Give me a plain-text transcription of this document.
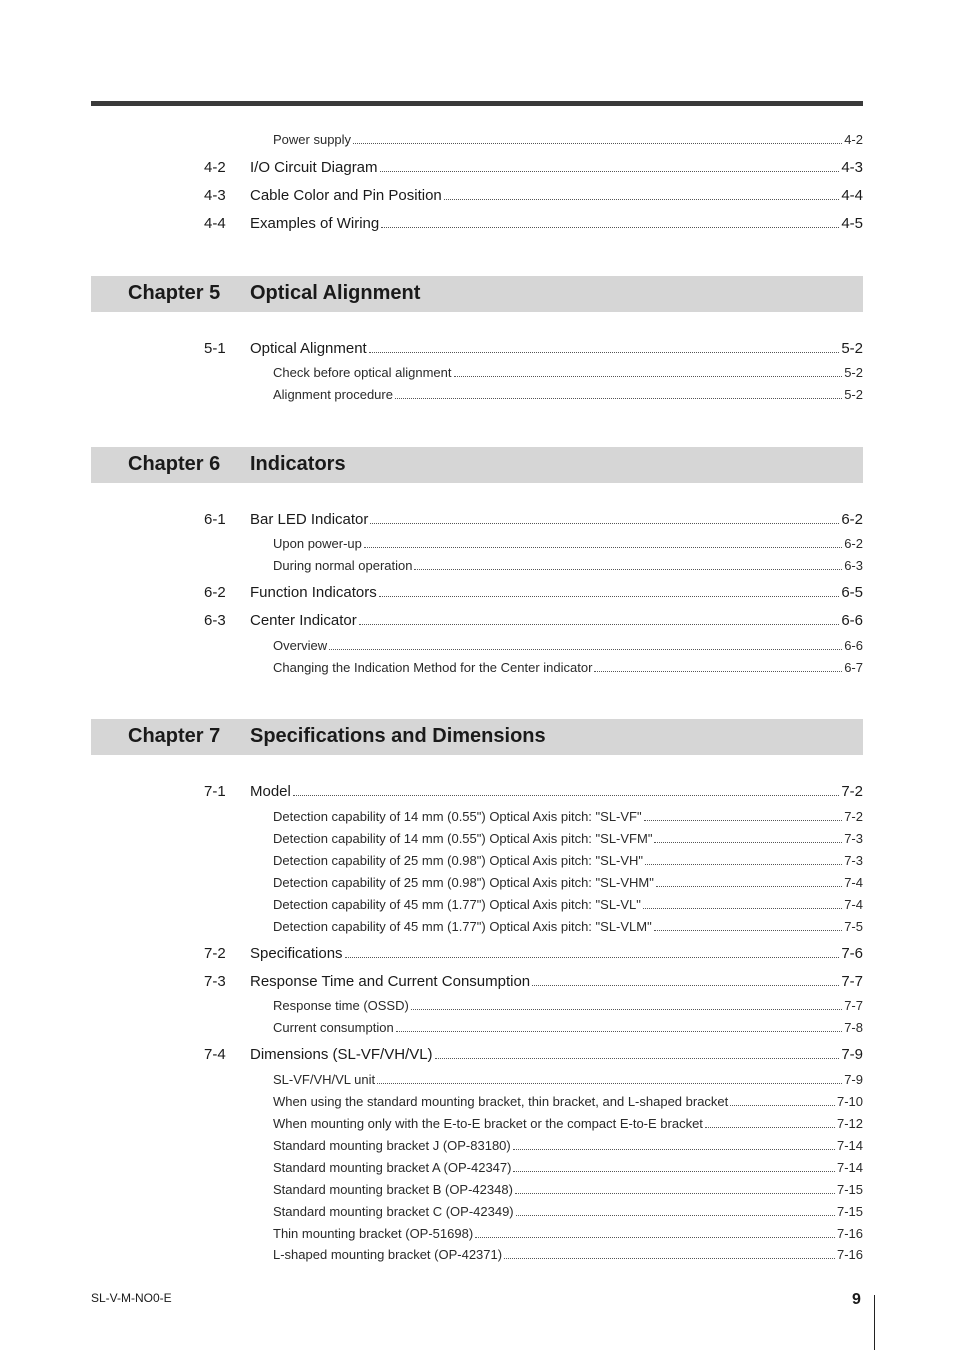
Power supply	4-2
4-2 I/O Circuit Diagram	4-3
4-3 Cable Color and Pin Position	4-4
4-4 Examples of Wiring	4-5
Chapter 5 Optical Alignment
5-1 Optical Alignment	5-2
Check before optical alignment	5-2
Alignment procedure	5-2
Chapter 6 Indicators
6-1 Bar LED Indicator	6-2
Upon power-up	6-2
During normal operation	6-3
6-2 Function Indicators	6-5
6-3 Center Indicator	6-6
Overview	6-6
Changing the Indication Method for the Center indicator	6-7
Chapter 7 Specifications and Dimensions
7-1 Model	7-2
Detection capability of 14 mm (0.55") Optical Axis pitch: "SL-VF"	7-2
Detection capability of 14 mm (0.55") Optical Axis pitch: "SL-VFM"	7-3
Detection capability of 25 mm (0.98") Optical Axis pitch: "SL-VH"	7-3
Detection capability of 25 mm (0.98") Optical Axis pitch: "SL-VHM"	7-4
Detection capability of 45 mm (1.77") Optical Axis pitch: "SL-VL"	7-4
Detection capability of 45 mm (1.77") Optical Axis pitch: "SL-VLM"	7-5
7-2 Specifications	7-6
7-3 Response Time and Current Consumption	7-7
Response time (OSSD)	7-7
Current consumption	7-8
7-4 Dimensions (SL-VF/VH/VL)	7-9
SL-VF/VH/VL unit	7-9
When using the standard mounting bracket, thin bracket, and L-shaped bracket	7-10
When mounting only with the E-to-E bracket or the compact E-to-E bracket	7-12
Standard mounting bracket J (OP-83180)	7-14
Standard mounting bracket A (OP-42347)	7-14
Standard mounting bracket B (OP-42348)	7-15
Standard mounting bracket C (OP-42349)	7-15
Thin mounting bracket (OP-51698)	7-16
L-shaped mounting bracket (OP-42371)	7-16
SL-V-M-NO0-E	9
